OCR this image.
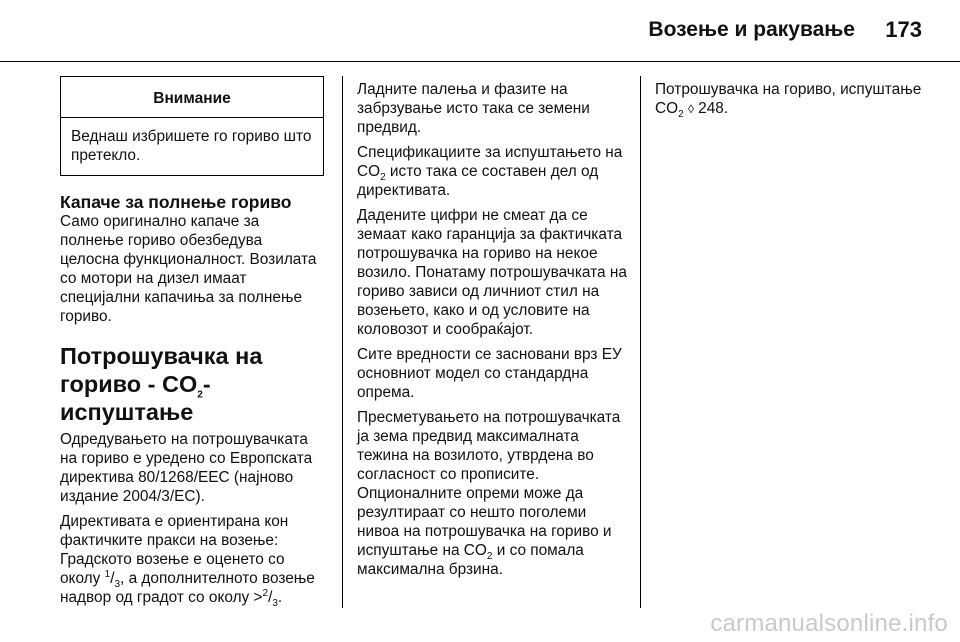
Возење и ракување 173
Внимание
Веднаш избришете го гориво што претекло.
Капаче за полнење гориво

Само оригинално капаче за полнење гориво обезбедува целосна функционалност. Возилата со мотори на дизел имаат специјални капачиња за полнење гориво.

Потрошувачка на гориво - $CO_2$-испуштање

Одредувањето на потрошувачката на гориво е уредено со Европската директива 80/1268/EEC (најново издание 2004/3/EC).

Директивата е ориентирана кон фактичките пракси на возење: Градското возење е оценето со околу $^1/_3$, а дополнителното возење надвор од градот со околу $>^2/_3$.

Ладните палења и фазите на забрзување исто така се земени предвид.

Спецификациите за испуштањето на $CO_2$ исто така се составен дел од директивата.

Дадените цифри не смеат да се земаат како гаранција за фактичката потрошувачка на гориво на некое возило. Понатаму потрошувачката на гориво зависи од личниот стил на возењето, како и од условите на коловозот и сообраќајот.

Сите вредности се засновани врз ЕУ основниот модел со стандардна опрема.

Пресметувањето на потрошувачката ја зема предвид максималната тежина на возилото, утврдена во согласност со прописите. Опционалните опреми може да резултираат со нешто поголеми нивоа на потрошувачка на гориво и испуштање на $CO_2$ и со помала максимална брзина.

Потрошувачка на гориво, испуштање $CO_2$ ◊ 248.

carmanualsonline.info
